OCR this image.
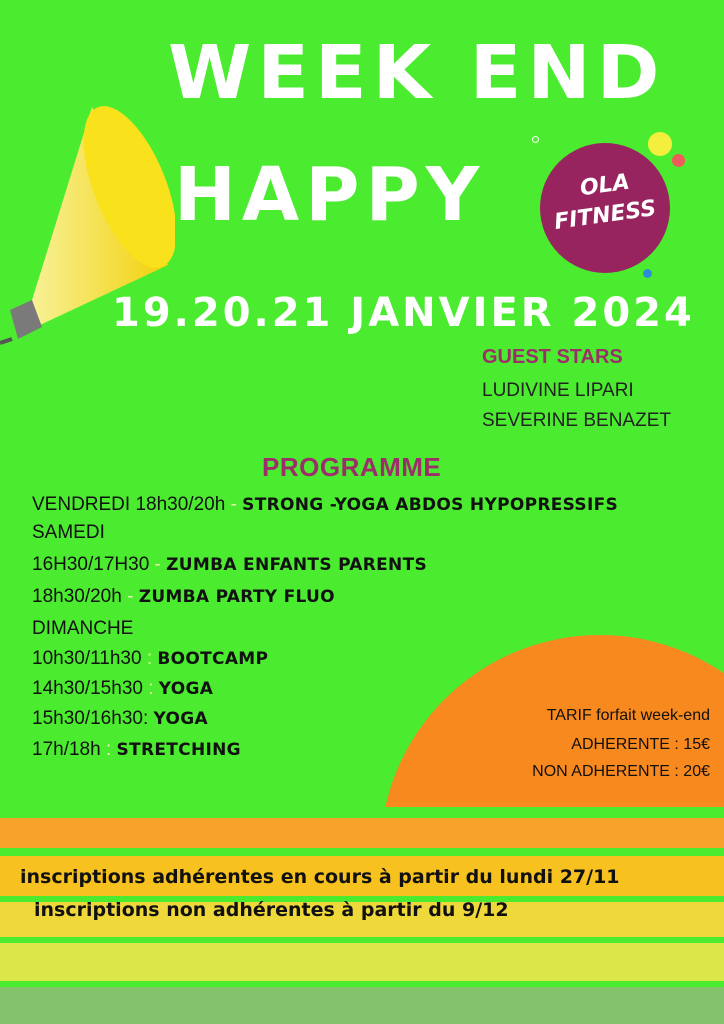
WEEK END
HAPPY	OLA
FITNESS
19.20.21 JANVIER 2024
GUEST STARS
LUDIVINE LIPARI
SEVERINE BENAZET
PROGRAMME
VENDREDI 18h30/20h - STRONG -YOGA ABDOS HYPOPRESSIFS
SAMEDI
16H30/17H30 - ZUMBA ENFANTS PARENTS
18h30/20h - ZUMBA PARTY FLUO
DIMANCHE
10h30/11h30 : BOOTCAMP
14h30/15h30 : YOGA
15h30/16h30: YOGA
17h/18h : STRETCHING
TARIF forfait week-end
ADHERENTE : 15€
NON ADHERENTE : 20€
inscriptions adhérentes en cours à partir du lundi 27/11
inscriptions non adhérentes à partir du 9/12
